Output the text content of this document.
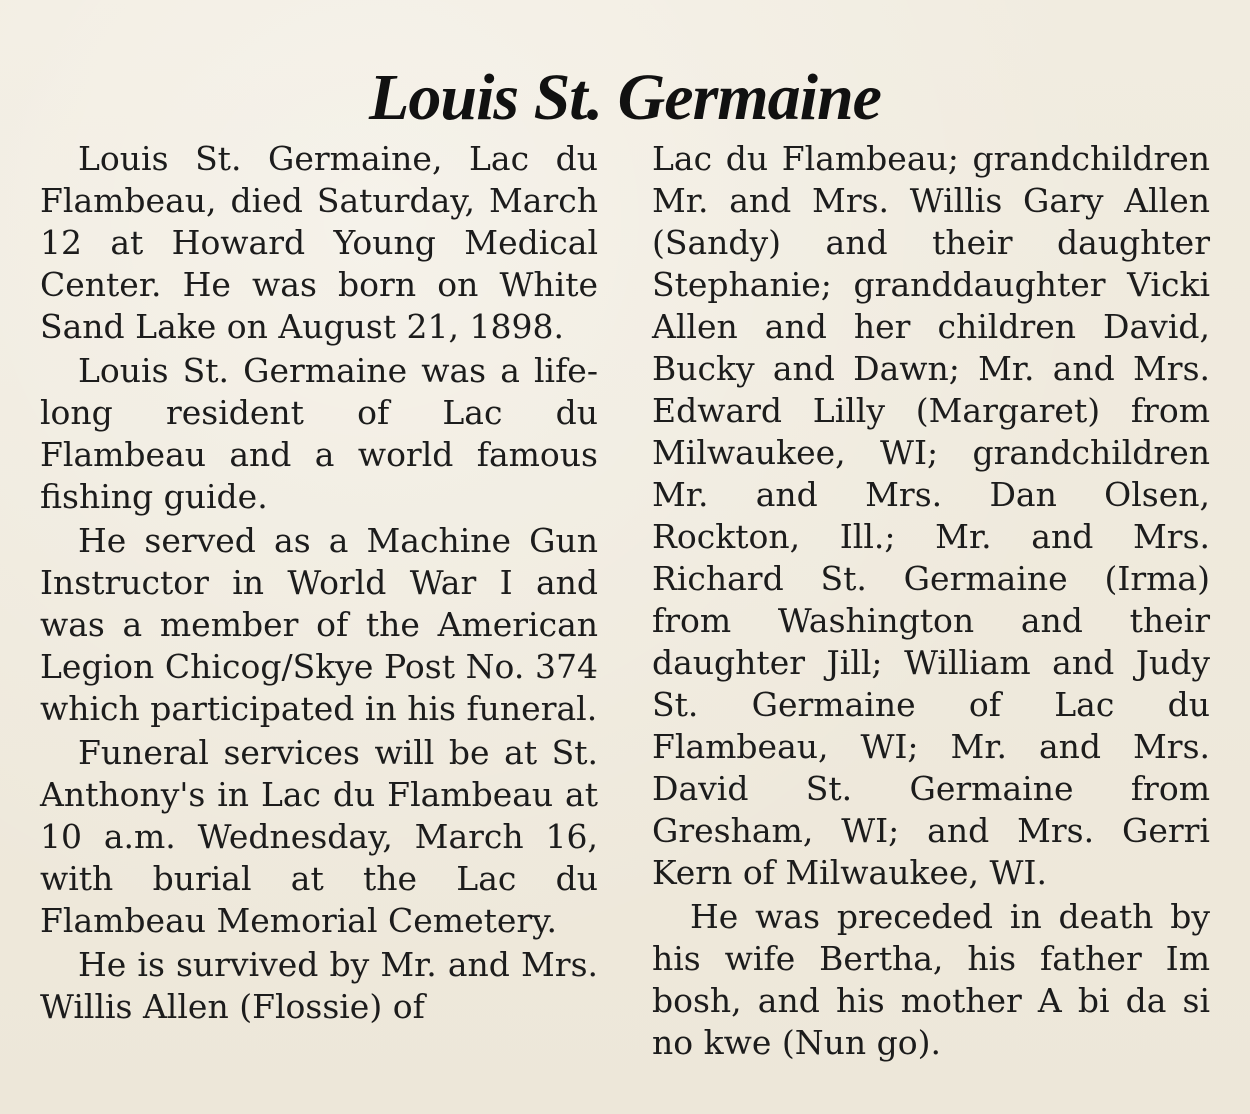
Louis St. Germaine

Louis St. Germaine, Lac du Flambeau, died Saturday, March 12 at Howard Young Medical Center. He was born on White Sand Lake on August 21, 1898.

Louis St. Germaine was a life-long resident of Lac du Flambeau and a world famous fishing guide.

He served as a Machine Gun Instructor in World War I and was a member of the American Legion Chicog/Skye Post No. 374 which participated in his funeral.

Funeral services will be at St. Anthony's in Lac du Flambeau at 10 a.m. Wednesday, March 16, with burial at the Lac du Flambeau Memorial Cemetery.

He is survived by Mr. and Mrs. Willis Allen (Flossie) of

Lac du Flambeau; grandchildren Mr. and Mrs. Willis Gary Allen (Sandy) and their daughter Stephanie; granddaughter Vicki Allen and her children David, Bucky and Dawn; Mr. and Mrs. Edward Lilly (Margaret) from Milwaukee, WI; grandchildren Mr. and Mrs. Dan Olsen, Rockton, Ill.; Mr. and Mrs. Richard St. Germaine (Irma) from Washington and their daughter Jill; William and Judy St. Germaine of Lac du Flambeau, WI; Mr. and Mrs. David St. Germaine from Gresham, WI; and Mrs. Gerri Kern of Milwaukee, WI.

He was preceded in death by his wife Bertha, his father Im bosh, and his mother A bi da si no kwe (Nun go).
